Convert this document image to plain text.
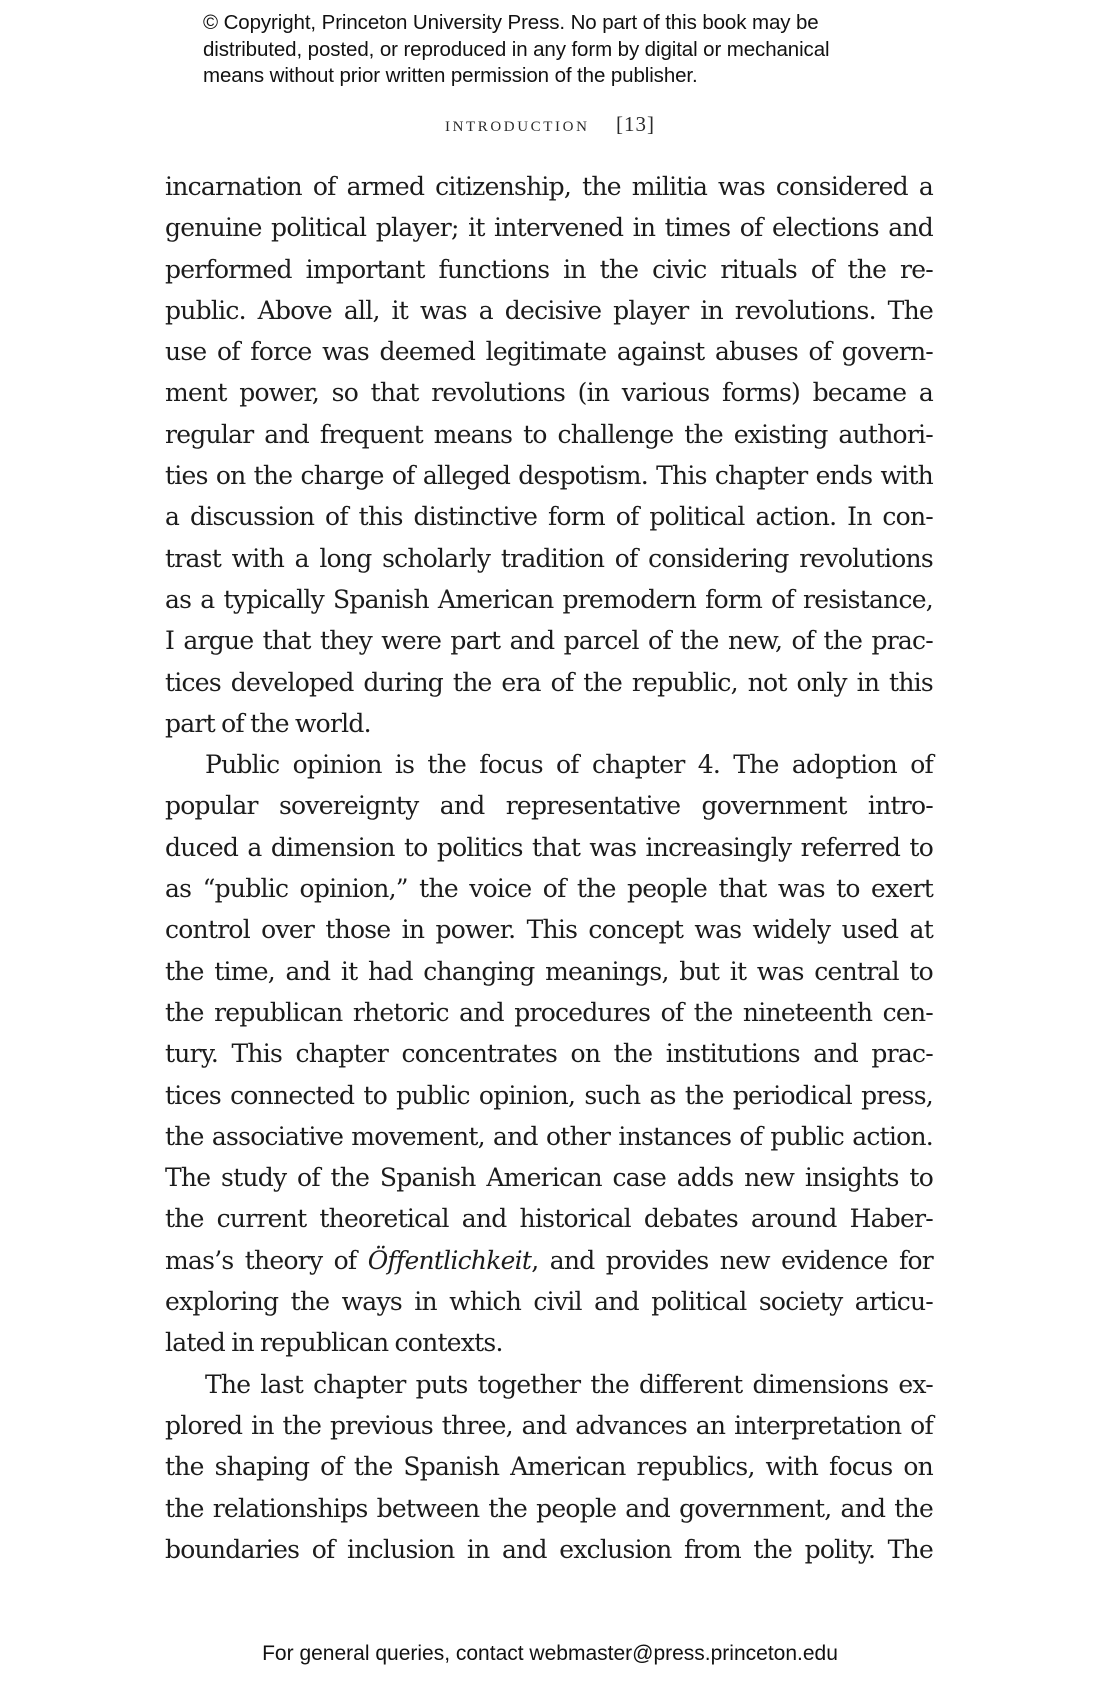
© Copyright, Princeton University Press. No part of this book may be
distributed, posted, or reproduced in any form by digital or mechanical
means without prior written permission of the publisher.
introduction [13]
incarnation of armed citizenship, the militia was considered a
genuine political player; it intervened in times of elections and
performed important functions in the civic rituals of the re-
public. Above all, it was a decisive player in revolutions. The
use of force was deemed legitimate against abuses of govern-
ment power, so that revolutions (in various forms) became a
regular and frequent means to challenge the existing authori-
ties on the charge of alleged despotism. This chapter ends with
a discussion of this distinctive form of political action. In con-
trast with a long scholarly tradition of considering revolutions
as a typically Spanish American premodern form of resistance,
I argue that they were part and parcel of the new, of the prac-
tices developed during the era of the republic, not only in this
part of the world.
Public opinion is the focus of chapter 4. The adoption of
popular sovereignty and representative government intro-
duced a dimension to politics that was increasingly referred to
as “public opinion,” the voice of the people that was to exert
control over those in power. This concept was widely used at
the time, and it had changing meanings, but it was central to
the republican rhetoric and procedures of the nineteenth cen-
tury. This chapter concentrates on the institutions and prac-
tices connected to public opinion, such as the periodical press,
the associative movement, and other instances of public action.
The study of the Spanish American case adds new insights to
the current theoretical and historical debates around Haber-
mas’s theory of Öffentlichkeit, and provides new evidence for
exploring the ways in which civil and political society articu-
lated in republican contexts.
The last chapter puts together the different dimensions ex-
plored in the previous three, and advances an interpretation of
the shaping of the Spanish American republics, with focus on
the relationships between the people and government, and the
boundaries of inclusion in and exclusion from the polity. The
For general queries, contact webmaster@press.princeton.edu
